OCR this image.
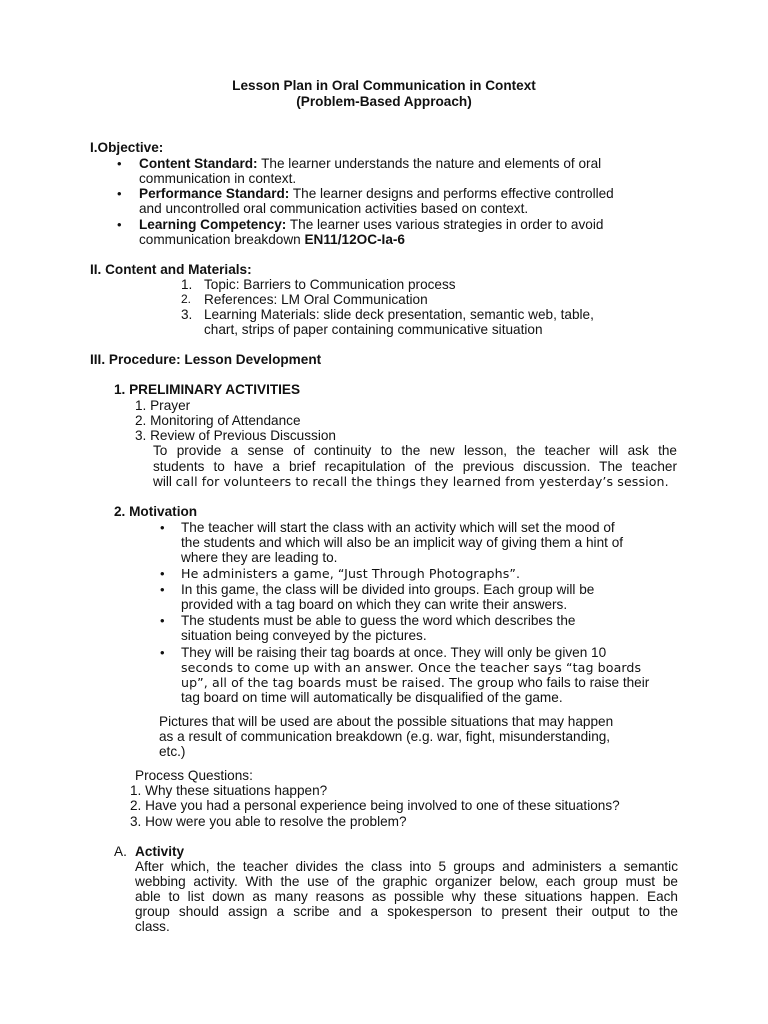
Lesson Plan in Oral Communication in Context
(Problem-Based Approach)
I.Objective:
• Content Standard: The learner understands the nature and elements of oral
communication in context.
• Performance Standard: The learner designs and performs effective controlled
and uncontrolled oral communication activities based on context.
• Learning Competency: The learner uses various strategies in order to avoid
communication breakdown EN11/12OC-Ia-6
II. Content and Materials:
1. Topic: Barriers to Communication process
2. References: LM Oral Communication
3. Learning Materials: slide deck presentation, semantic web, table,
chart, strips of paper containing communicative situation
III. Procedure: Lesson Development
1. PRELIMINARY ACTIVITIES
1. Prayer
2. Monitoring of Attendance
3. Review of Previous Discussion
To provide a sense of continuity to the new lesson, the teacher will ask the
students to have a brief recapitulation of the previous discussion. The teacher
will call for volunteers to recall the things they learned from yesterday’s session.
2. Motivation
• The teacher will start the class with an activity which will set the mood of
the students and which will also be an implicit way of giving them a hint of
where they are leading to.
• He administers a game, “Just Through Photographs”.
• In this game, the class will be divided into groups. Each group will be
provided with a tag board on which they can write their answers.
• The students must be able to guess the word which describes the
situation being conveyed by the pictures.
• They will be raising their tag boards at once. They will only be given 10
seconds to come up with an answer. Once the teacher says “tag boards
up”, all of the tag boards must be raised. The group who fails to raise their
tag board on time will automatically be disqualified of the game.
Pictures that will be used are about the possible situations that may happen
as a result of communication breakdown (e.g. war, fight, misunderstanding,
etc.)
Process Questions:
1. Why these situations happen?
2. Have you had a personal experience being involved to one of these situations?
3. How were you able to resolve the problem?
A. Activity
After which, the teacher divides the class into 5 groups and administers a semantic
webbing activity. With the use of the graphic organizer below, each group must be
able to list down as many reasons as possible why these situations happen. Each
group should assign a scribe and a spokesperson to present their output to the
class.
